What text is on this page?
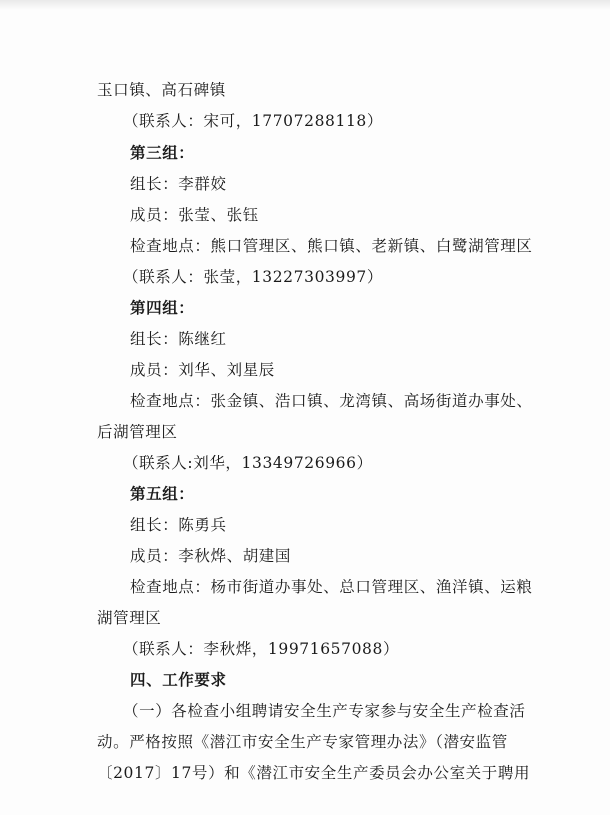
玉口镇、高石碑镇
（联系人：宋可，17707288118）
第三组：
组长：李群姣
成员：张莹、张钰
检查地点：熊口管理区、熊口镇、老新镇、白鹭湖管理区
（联系人：张莹，13227303997）
第四组：
组长：陈继红
成员：刘华、刘星辰
检查地点：张金镇、浩口镇、龙湾镇、高场街道办事处、
后湖管理区
（联系人:刘华，13349726966）
第五组：
组长：陈勇兵
成员：李秋烨、胡建国
检查地点：杨市街道办事处、总口管理区、渔洋镇、运粮
湖管理区
（联系人：李秋烨，19971657088）
四、工作要求
（一）各检查小组聘请安全生产专家参与安全生产检查活
动。严格按照《潜江市安全生产专家管理办法》（潜安监管
〔2017〕17号）和《潜江市安全生产委员会办公室关于聘用
